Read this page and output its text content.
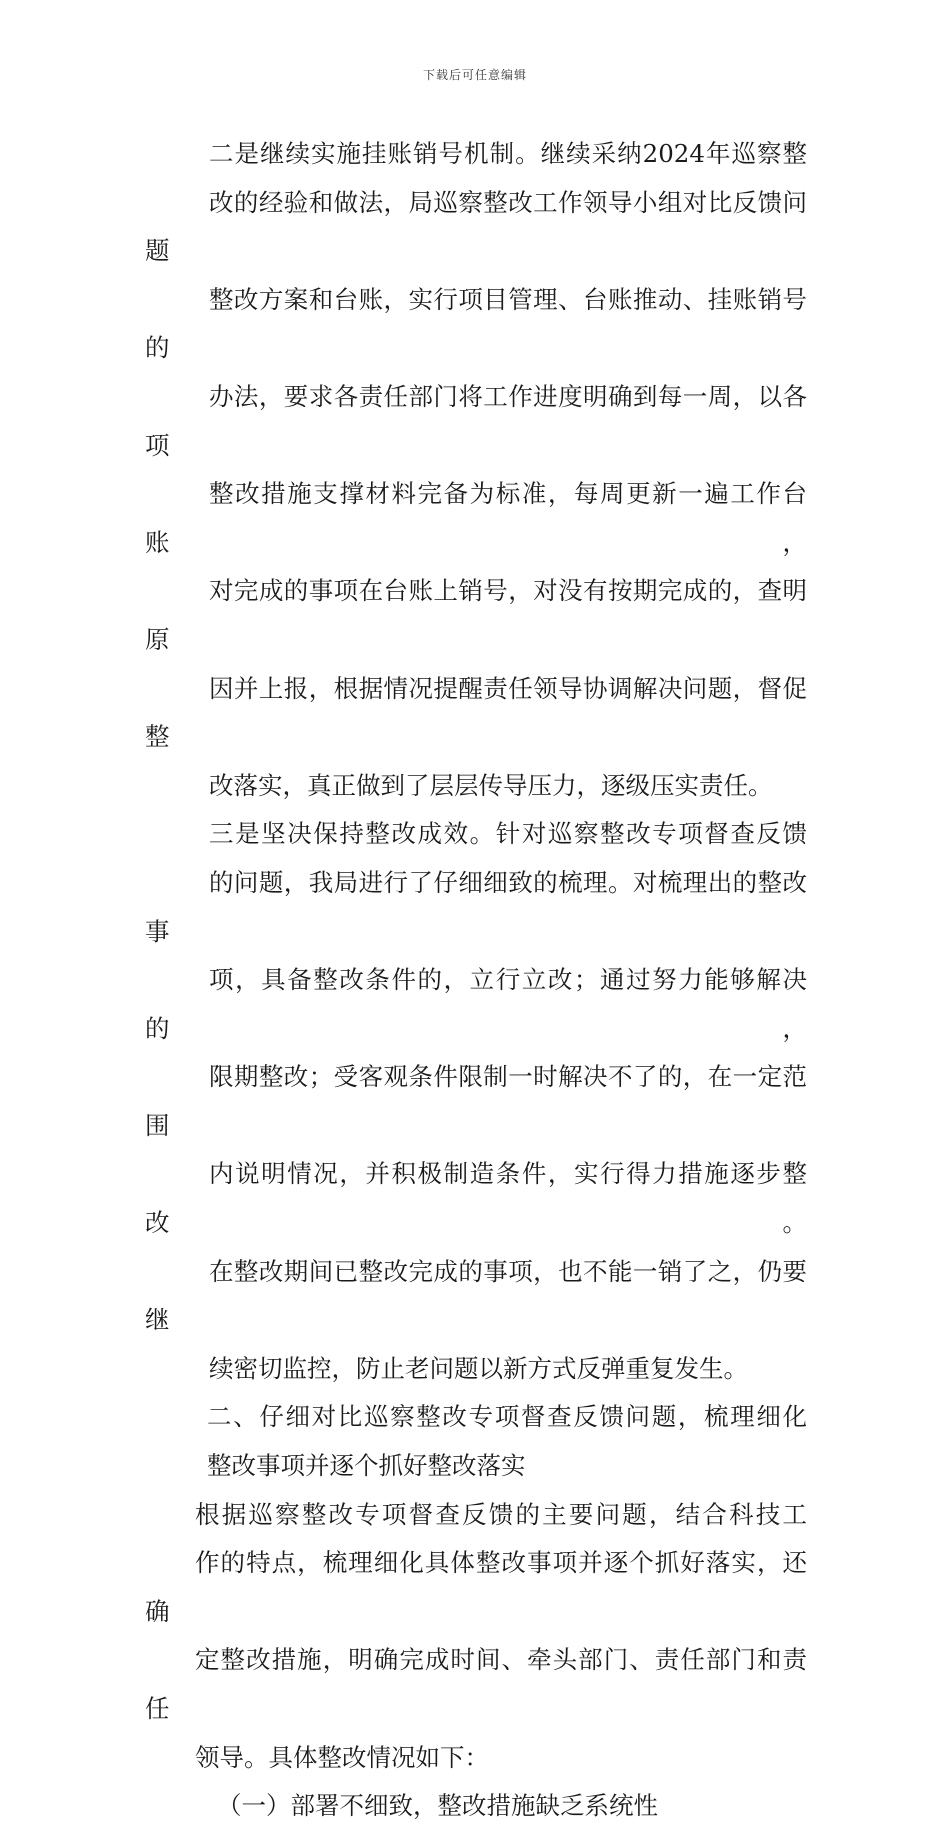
下载后可任意编辑

二是继续实施挂账销号机制。继续采纳2024年巡察整
改的经验和做法，局巡察整改工作领导小组对比反馈问题
整改方案和台账，实行项目管理、台账推动、挂账销号的
办法，要求各责任部门将工作进度明确到每一周，以各项
整改措施支撑材料完备为标准，每周更新一遍工作台账，
对完成的事项在台账上销号，对没有按期完成的，查明原
因并上报，根据情况提醒责任领导协调解决问题，督促整
改落实，真正做到了层层传导压力，逐级压实责任。

三是坚决保持整改成效。针对巡察整改专项督查反馈
的问题，我局进行了仔细细致的梳理。对梳理出的整改事
项，具备整改条件的，立行立改；通过努力能够解决的，
限期整改；受客观条件限制一时解决不了的，在一定范围
内说明情况，并积极制造条件，实行得力措施逐步整改。
在整改期间已整改完成的事项，也不能一销了之，仍要继
续密切监控，防止老问题以新方式反弹重复发生。

二、仔细对比巡察整改专项督查反馈问题，梳理细化
整改事项并逐个抓好整改落实

根据巡察整改专项督查反馈的主要问题，结合科技工
作的特点，梳理细化具体整改事项并逐个抓好落实，还确
定整改措施，明确完成时间、牵头部门、责任部门和责任
领导。具体整改情况如下：

（一）部署不细致，整改措施缺乏系统性
